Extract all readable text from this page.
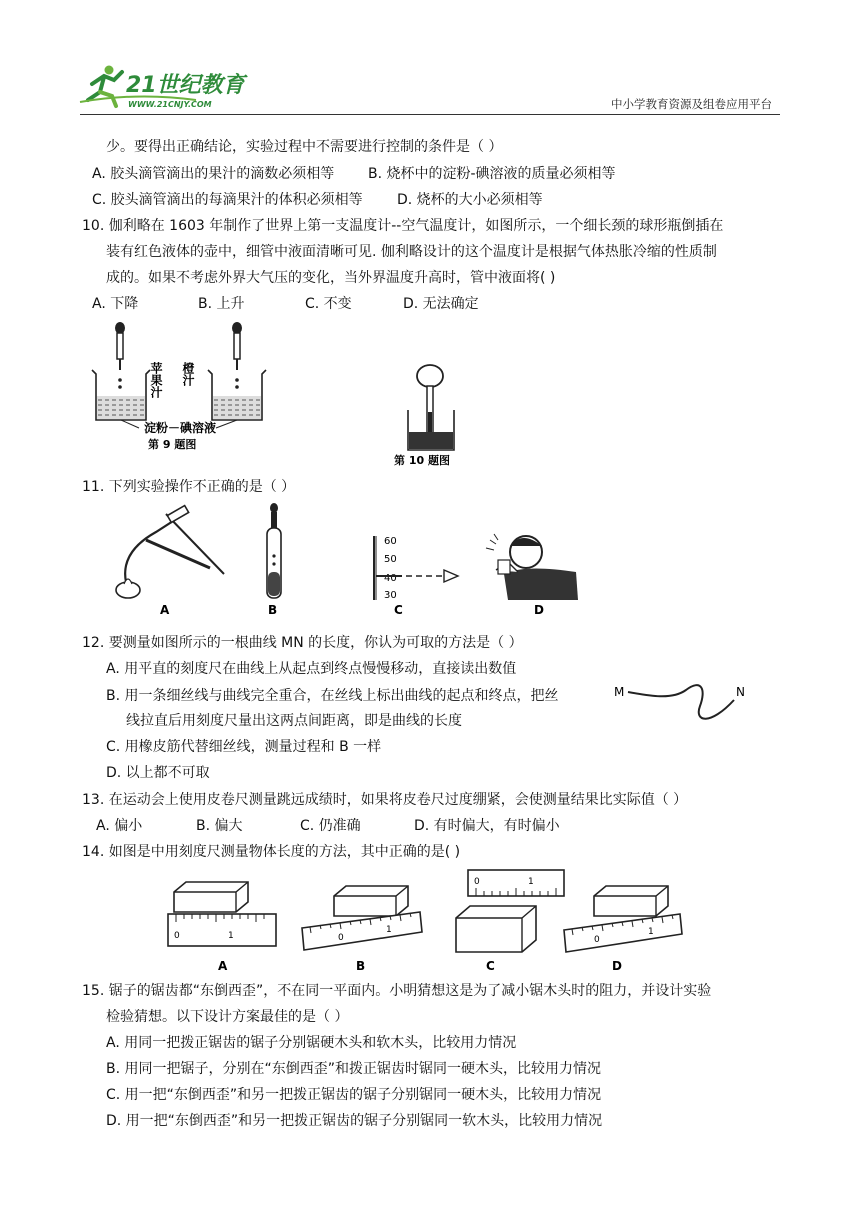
21世纪教育
WWW.21CNJY.COM	中小学教育资源及组卷应用平台
少。要得出正确结论，实验过程中不需要进行控制的条件是（ ）
A. 胶头滴管滴出的果汁的滴数必须相等 B. 烧杯中的淀粉-碘溶液的质量必须相等
C. 胶头滴管滴出的每滴果汁的体积必须相等 D. 烧杯的大小必须相等
10. 伽利略在 1603 年制作了世界上第一支温度计--空气温度计，如图所示，一个细长颈的球形瓶倒插在
装有红色液体的壶中，细管中液面清晰可见. 伽利略设计的这个温度计是根据气体热胀冷缩的性质制
成的。如果不考虑外界大气压的变化，当外界温度升高时，管中液面将( )
A. 下降	B. 上升	C. 不变	D. 无法确定
苹果汁 橙汁
淀粉－碘溶液
第 9 题图
第 10 题图
11. 下列实验操作不正确的是（ ）
A	B
60
50
40
30
C	D
12. 要测量如图所示的一根曲线 MN 的长度，你认为可取的方法是（ ）
A. 用平直的刻度尺在曲线上从起点到终点慢慢移动，直接读出数值
B. 用一条细丝线与曲线完全重合，在丝线上标出曲线的起点和终点，把丝
线拉直后用刻度尺量出这两点间距离，即是曲线的长度
C. 用橡皮筋代替细丝线，测量过程和 B 一样
D. 以上都不可取
M	N
13. 在运动会上使用皮卷尺测量跳远成绩时，如果将皮卷尺过度绷紧，会使测量结果比实际值（ ）
A. 偏小	B. 偏大	C. 仍准确	D. 有时偏大，有时偏小
14. 如图是中用刻度尺测量物体长度的方法，其中正确的是( )
0	1
A
0
1
B
0	1
C
0
1
D
15. 锯子的锯齿都“东倒西歪”，不在同一平面内。小明猜想这是为了减小锯木头时的阻力，并设计实验
检验猜想。以下设计方案最佳的是（ ）
A. 用同一把拨正锯齿的锯子分别锯硬木头和软木头，比较用力情况
B. 用同一把锯子，分别在“东倒西歪”和拨正锯齿时锯同一硬木头，比较用力情况
C. 用一把“东倒西歪”和另一把拨正锯齿的锯子分别锯同一硬木头，比较用力情况
D. 用一把“东倒西歪”和另一把拨正锯齿的锯子分别锯同一软木头，比较用力情况
